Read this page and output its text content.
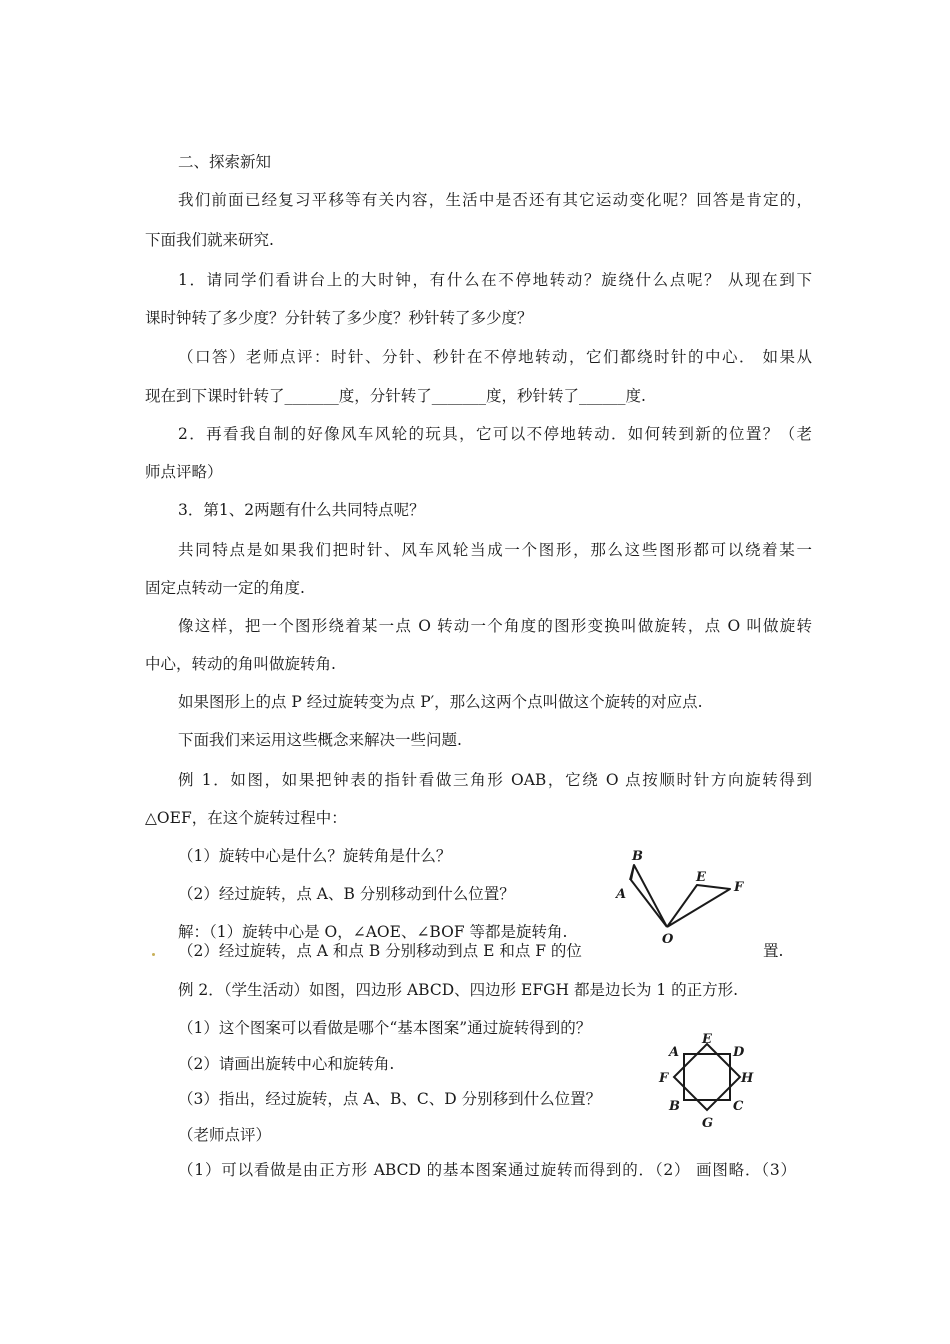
二、探索新知
我们前面已经复习平移等有关内容，生活中是否还有其它运动变化呢？回答是肯定的，
下面我们就来研究.
1．请同学们看讲台上的大时钟，有什么在不停地转动？旋绕什么点呢？ 从现在到下
课时钟转了多少度？分针转了多少度？秒针转了多少度？
（口答）老师点评：时针、分针、秒针在不停地转动，它们都绕时针的中心． 如果从
现在到下课时针转了_______度，分针转了_______度，秒针转了______度.
2．再看我自制的好像风车风轮的玩具，它可以不停地转动．如何转到新的位置？（老
师点评略）
3．第1、2两题有什么共同特点呢？
共同特点是如果我们把时针、风车风轮当成一个图形，那么这些图形都可以绕着某一
固定点转动一定的角度.
像这样，把一个图形绕着某一点 O 转动一个角度的图形变换叫做旋转，点 O 叫做旋转
中心，转动的角叫做旋转角.
如果图形上的点 P 经过旋转变为点 P′，那么这两个点叫做这个旋转的对应点.
下面我们来运用这些概念来解决一些问题.
例 1．如图，如果把钟表的指针看做三角形 OAB，它绕 O 点按顺时针方向旋转得到
△OEF，在这个旋转过程中：
（1）旋转中心是什么？旋转角是什么？
（2）经过旋转，点 A、B 分别移动到什么位置？
解：（1）旋转中心是 O，∠AOE、∠BOF 等都是旋转角.
（2）经过旋转，点 A 和点 B 分别移动到点 E 和点 F 的位	置.
B
A
O
E
F
例 2．（学生活动）如图，四边形 ABCD、四边形 EFGH 都是边长为 1 的正方形.
（1）这个图案可以看做是哪个“基本图案”通过旋转得到的？
（2）请画出旋转中心和旋转角.
（3）指出，经过旋转，点 A、B、C、D 分别移到什么位置？
（老师点评）
（1）可以看做是由正方形 ABCD 的基本图案通过旋转而得到的．（2） 画图略．（3）
A
E
D
F	H
B	C
G
